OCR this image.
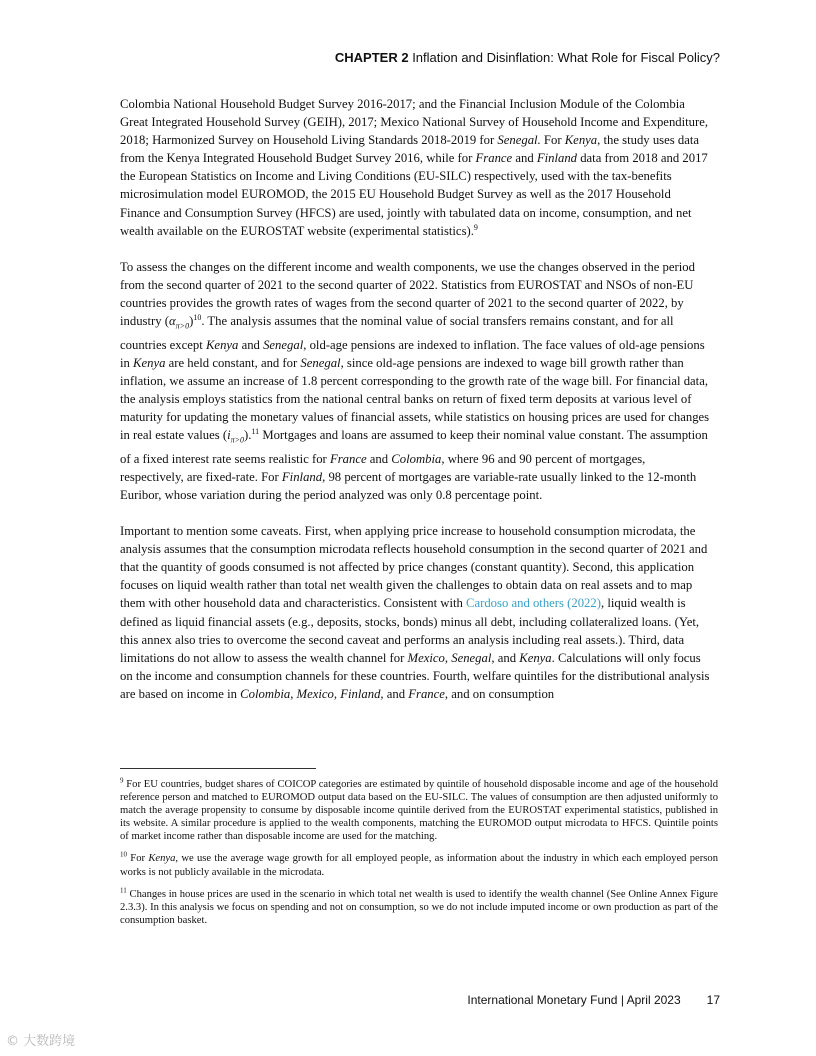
CHAPTER 2 Inflation and Disinflation: What Role for Fiscal Policy?

Colombia National Household Budget Survey 2016-2017; and the Financial Inclusion Module of the Colombia Great Integrated Household Survey (GEIH), 2017; Mexico National Survey of Household Income and Expenditure, 2018; Harmonized Survey on Household Living Standards 2018-2019 for Senegal. For Kenya, the study uses data from the Kenya Integrated Household Budget Survey 2016, while for France and Finland data from 2018 and 2017 the European Statistics on Income and Living Conditions (EU-SILC) respectively, used with the tax-benefits microsimulation model EUROMOD, the 2015 EU Household Budget Survey as well as the 2017 Household Finance and Consumption Survey (HFCS) are used, jointly with tabulated data on income, consumption, and net wealth available on the EUROSTAT website (experimental statistics).$^9$

To assess the changes on the different income and wealth components, we use the changes observed in the period from the second quarter of 2021 to the second quarter of 2022. Statistics from EUROSTAT and NSOs of non-EU countries provides the growth rates of wages from the second quarter of 2021 to the second quarter of 2022, by industry $(\alpha_{\pi>0})^{10}$. The analysis assumes that the nominal value of social transfers remains constant, and for all countries except Kenya and Senegal, old-age pensions are indexed to inflation. The face values of old-age pensions in Kenya are held constant, and for Senegal, since old-age pensions are indexed to wage bill growth rather than inflation, we assume an increase of 1.8 percent corresponding to the growth rate of the wage bill. For financial data, the analysis employs statistics from the national central banks on return of fixed term deposits at various level of maturity for updating the monetary values of financial assets, while statistics on housing prices are used for changes in real estate values $(i_{\pi>0}).^{11}$ Mortgages and loans are assumed to keep their nominal value constant. The assumption of a fixed interest rate seems realistic for France and Colombia, where 96 and 90 percent of mortgages, respectively, are fixed-rate. For Finland, 98 percent of mortgages are variable-rate usually linked to the 12-month Euribor, whose variation during the period analyzed was only 0.8 percentage point.

Important to mention some caveats. First, when applying price increase to household consumption microdata, the analysis assumes that the consumption microdata reflects household consumption in the second quarter of 2021 and that the quantity of goods consumed is not affected by price changes (constant quantity). Second, this application focuses on liquid wealth rather than total net wealth given the challenges to obtain data on real assets and to map them with other household data and characteristics. Consistent with Cardoso and others (2022), liquid wealth is defined as liquid financial assets (e.g., deposits, stocks, bonds) minus all debt, including collateralized loans. (Yet, this annex also tries to overcome the second caveat and performs an analysis including real assets.). Third, data limitations do not allow to assess the wealth channel for Mexico, Senegal, and Kenya. Calculations will only focus on the income and consumption channels for these countries. Fourth, welfare quintiles for the distributional analysis are based on income in Colombia, Mexico, Finland, and France, and on consumption

$^9$ For EU countries, budget shares of COICOP categories are estimated by quintile of household disposable income and age of the household reference person and matched to EUROMOD output data based on the EU-SILC. The values of consumption are then adjusted uniformly to match the average propensity to consume by disposable income quintile derived from the EUROSTAT experimental statistics, published in its website. A similar procedure is applied to the wealth components, matching the EUROMOD output microdata to HFCS. Quintile points of market income rather than disposable income are used for the matching.

$^{10}$ For Kenya, we use the average wage growth for all employed people, as information about the industry in which each employed person works is not publicly available in the microdata.

$^{11}$ Changes in house prices are used in the scenario in which total net wealth is used to identify the wealth channel (See Online Annex Figure 2.3.3). In this analysis we focus on spending and not on consumption, so we do not include imputed income or own production as part of the consumption basket.

International Monetary Fund | April 2023 17
© 大数跨境
